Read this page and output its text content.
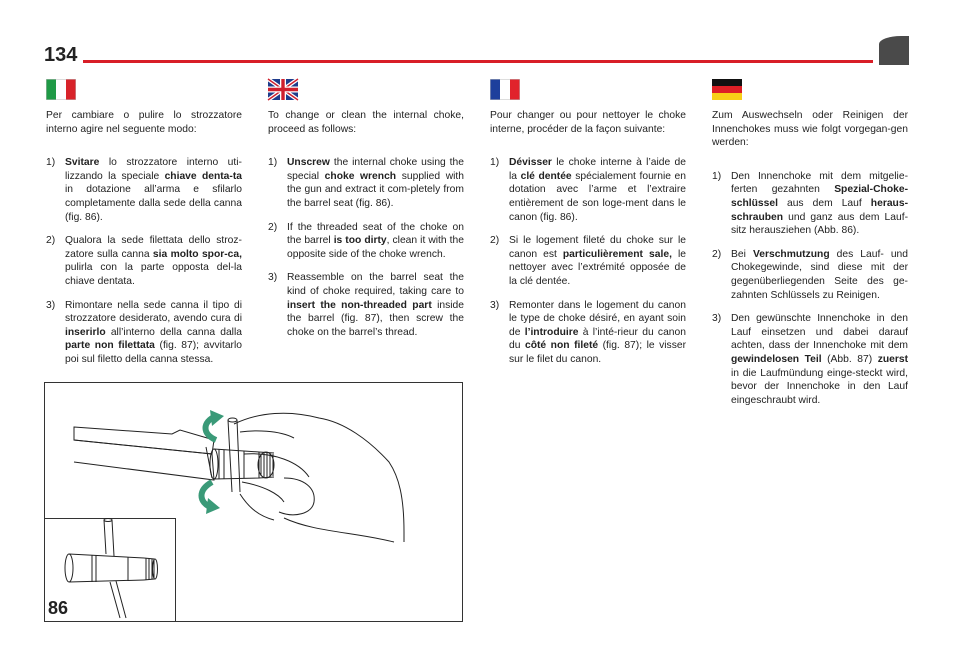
134

Per cambiare o pulire lo strozzatore interno agire nel seguente modo:

1) Svitare lo strozzatore interno uti-lizzando la speciale chiave denta-ta in dotazione all’arma e sfilarlo completamente dalla sede della canna (fig. 86).
2) Qualora la sede filettata dello stroz-zatore sulla canna sia molto spor-ca, pulirla con la parte opposta del-la chiave dentata.
3) Rimontare nella sede canna il tipo di strozzatore desiderato, avendo cura di inserirlo all’interno della canna dalla parte non filettata (fig. 87); avvitarlo poi sul filetto della canna stessa.

To change or clean the internal choke, proceed as follows:

1) Unscrew the internal choke using the special choke wrench supplied with the gun and extract it com-pletely from the barrel seat (fig. 86).
2) If the threaded seat of the choke on the barrel is too dirty, clean it with the opposite side of the choke wrench.
3) Reassemble on the barrel seat the kind of choke required, taking care to insert the non-threaded part inside the barrel (fig. 87), then screw the choke on the barrel’s thread.

Pour changer ou pour nettoyer le choke interne, procéder de la façon suivante:

1) Dévisser le choke interne à l’aide de la clé dentée spécialement fournie en dotation avec l’arme et l’extraire entièrement de son loge-ment dans le canon (fig. 86).
2) Si le logement fileté du choke sur le canon est particulièrement sale, le nettoyer avec l’extrémité opposée de la clé dentée.
3) Remonter dans le logement du canon le type de choke désiré, en ayant soin de l’introduire à l’inté-rieur du canon du côté non fileté (fig. 87); le visser sur le filet du canon.

Zum Auswechseln oder Reinigen der Innenchokes muss wie folgt vorgegan-gen werden:

1) Den Innenchoke mit dem mitgelie-ferten gezahnten Spezial-Choke-schlüssel aus dem Lauf heraus-schrauben und ganz aus dem Lauf-sitz herausziehen (Abb. 86).
2) Bei Verschmutzung des Lauf- und Chokegewinde, sind diese mit der gegenüberliegenden Seite des ge-zahnten Schlüssels zu Reinigen.
3) Den gewünschte Innenchoke in den Lauf einsetzen und dabei darauf achten, dass der Innenchoke mit dem gewindelosen Teil (Abb. 87) zuerst in die Laufmündung einge-steckt wird, bevor der Innenchoke in den Lauf eingeschraubt wird.
86
